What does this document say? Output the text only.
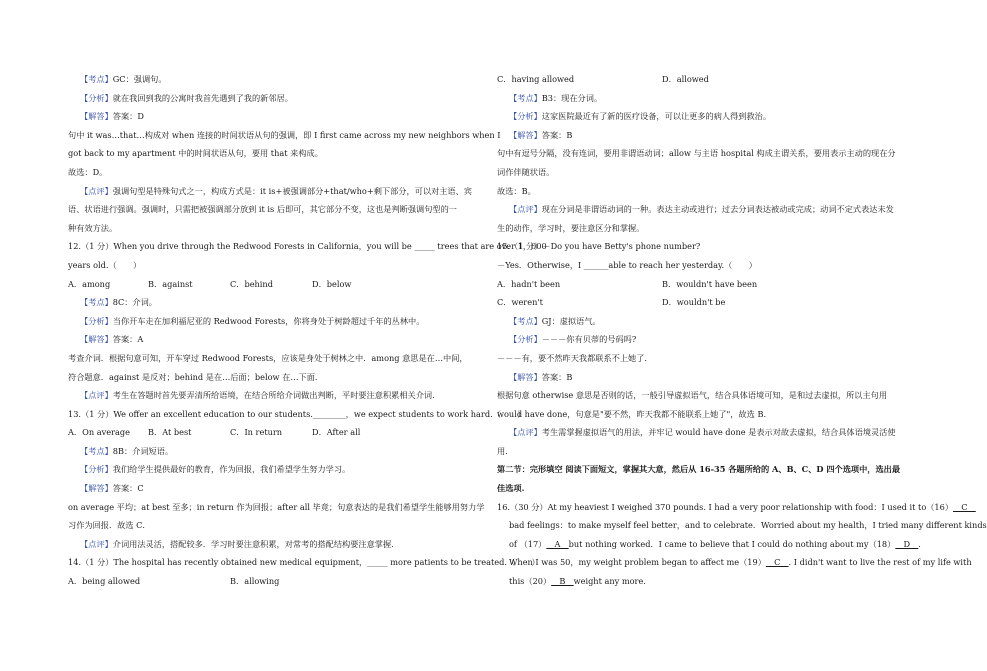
【考点】GC：强调句。
【分析】就在我回到我的公寓时我首先遇到了我的新邻居。
【解答】答案：D
句中 it was…that…构成对 when 连接的时间状语从句的强调，即 I first came across my new neighbors when I
got back to my apartment 中的时间状语从句，要用 that 来构成。
故选：D。
【点评】强调句型是特殊句式之一，构成方式是：it is+被强调部分+that/who+剩下部分，可以对主语、宾
语、状语进行强调。强调时，只需把被强调部分放到 it is 后即可，其它部分不变，这也是判断强调句型的一
种有效方法。
12.（1 分）When you drive through the Redwood Forests in California，you will be _____ trees that are over 1，000
years old.（　　）
A．among	B．against	C．behind	D．below
【考点】8C：介词。
【分析】当你开车走在加利福尼亚的 Redwood Forests，你将身处于树龄超过千年的丛林中。
【解答】答案：A
考查介词．根据句意可知，开车穿过 Redwood Forests，应该是身处于树林之中．among 意思是在…中间，
符合题意．against 是反对；behind 是在…后面；below 在…下面．
【点评】考生在答题时首先要弄清所给语境，在结合所给介词做出判断，平时要注意积累相关介词．
13.（1 分）We offer an excellent education to our students.________，we expect students to work hard.（　　）
A．On average B．At best	C．In return	D．After all
【考点】8B：介词短语。
【分析】我们给学生提供最好的教育，作为回报，我们希望学生努力学习。
【解答】答案：C
on average 平均；at best 至多；in return 作为回报；after all 毕竟；句意表达的是我们希望学生能够用努力学
习作为回报．故选 C．
【点评】介词用法灵活，搭配较多．学习时要注意积累，对常考的搭配结构要注意掌握．
14.（1 分）The hospital has recently obtained new medical equipment，_____ more patients to be treated.（　　）
A．being allowed	B．allowing
C．having allowed	D．allowed
【考点】B3：现在分词。
【分析】这家医院最近有了新的医疗设备，可以让更多的病人得到救治。
【解答】答案：B
句中有逗号分隔，没有连词，要用非谓语动词；allow 与主语 hospital 构成主谓关系，要用表示主动的现在分
词作伴随状语。
故选：B。
【点评】现在分词是非谓语动词的一种。表达主动或进行；过去分词表达被动或完成；动词不定式表达未发
生的动作，学习时，要注意区分和掌握。
15.（1 分）－Do you have Betty's phone number?
－Yes．Otherwise，I ______able to reach her yesterday.（　　）
A．hadn't been	B．wouldn't have been
C．weren't	D．wouldn't be
【考点】GJ：虚拟语气。
【分析】－－－你有贝蒂的号码吗?
－－－有，要不然昨天我都联系不上她了．
【解答】答案：B
根据句意 otherwise 意思是否则的话，一般引导虚拟语气，结合具体语境可知，是和过去虚拟，所以主句用
would have done，句意是"要不然，昨天我都不能联系上她了"，故选 B．
【点评】考生需掌握虚拟语气的用法，并牢记 would have done 是表示对故去虚拟，结合具体语境灵活使
用．
第二节：完形填空 阅读下面短文，掌握其大意，然后从 16-35 各题所给的 A、B、C、D 四个选项中，选出最
佳选项.
16.（30 分）At my heaviest I weighed 370 pounds. I had a very poor relationship with food：I used it to（16）__C__
bad feelings：to make myself feel better，and to celebrate．Worried about my health，I tried many different kinds
of （17）__A__but nothing worked．I came to believe that I could do nothing about my（18）__D__.
When I was 50，my weight problem began to affect me（19）__C__. I didn't want to live the rest of my life with
this（20）__B__weight any more.
